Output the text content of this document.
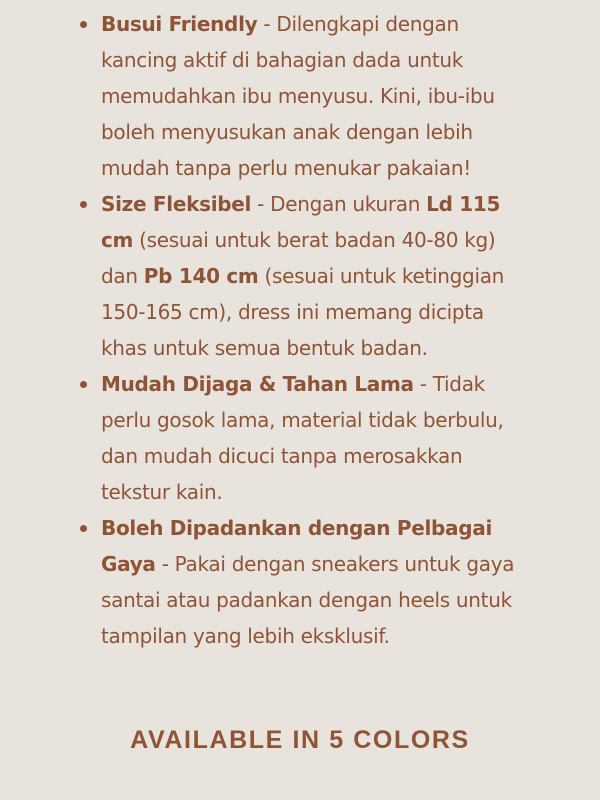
Busui Friendly - Dilengkapi dengan kancing aktif di bahagian dada untuk memudahkan ibu menyusu. Kini, ibu-ibu boleh menyusukan anak dengan lebih mudah tanpa perlu menukar pakaian!
Size Fleksibel - Dengan ukuran Ld 115 cm (sesuai untuk berat badan 40-80 kg) dan Pb 140 cm (sesuai untuk ketinggian 150-165 cm), dress ini memang dicipta khas untuk semua bentuk badan.
Mudah Dijaga & Tahan Lama - Tidak perlu gosok lama, material tidak berbulu, dan mudah dicuci tanpa merosakkan tekstur kain.
Boleh Dipadankan dengan Pelbagai Gaya - Pakai dengan sneakers untuk gaya santai atau padankan dengan heels untuk tampilan yang lebih eksklusif.
AVAILABLE IN 5 COLORS
